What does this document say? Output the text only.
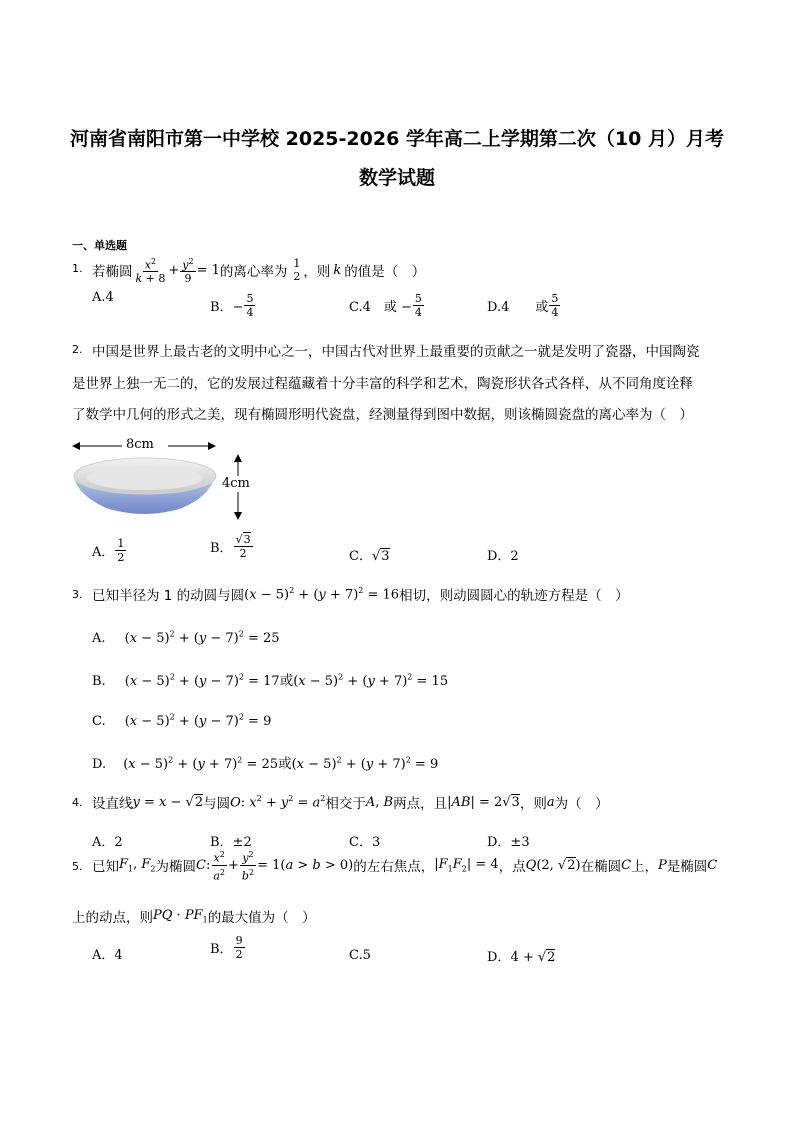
河南省南阳市第一中学校 2025-2026 学年高二上学期第二次（10 月）月考
数学试题
一、单选题
1. 若椭圆 $\frac{x^2}{k + 8} + \frac{y^2}{9} = 1$ 的离心率为
1
2 ，则 k 的值是（　）
A.4
B．− $\frac{5}{4}$	C.4　或 − $\frac{5}{4}$	D.4　　或 $\frac{5}{4}$
2. 中国是世界上最古老的文明中心之一，中国古代对世界上最重要的贡献之一就是发明了瓷器，中国陶瓷
是世界上独一无二的，它的发展过程蕴藏着十分丰富的科学和艺术，陶瓷形状各式各样，从不同角度诠释
了数学中几何的形式之美，现有椭圆形明代瓷盘，经测量得到图中数据，则该椭圆瓷盘的离心率为（　）
8cm
4cm
A． $\frac{1}{2}$	B． $\frac{√3}{2}$	C．√3	D．2
3. 已知半径为 1 的动圆与圆 $(x - 5)^2 + (y + 7)^2 = 16$ 相切，则动圆圆心的轨迹方程是（　）
A. $(x - 5)^2 + (y - 7)^2 = 25$
B. $(x - 5)^2 + (y - 7)^2 = 17$或$(x - 5)^2 + (y + 7)^2 = 15$
C. $(x - 5)^2 + (y - 7)^2 = 9$
D. $(x - 5)^2 + (y + 7)^2 = 25$或$(x - 5)^2 + (y + 7)^2 = 9$
4. 设直线 y = x − √2 与圆 O: $x^2 + y^2 = a^2$ 相交于 A, B 两点，且 |AB| = 2√3 ，则 a 为（　）
A．2	B．±2	C．3	D．±3
5. 已知 $F_1$, $F_2$ 为椭圆 C: $\frac{x^2}{a^2} + \frac{y^2}{b^2} = 1(a > b > 0)$ 的左右焦点， $|F_1F_2| = 4$ ，点 Q(2, √2) 在椭圆 C 上， P 是椭圆 C
上的动点，则 PQ · $PF_1$ 的最大值为（　）
A．4	B． $\frac{9}{2}$	C.5	D．4 + √2
